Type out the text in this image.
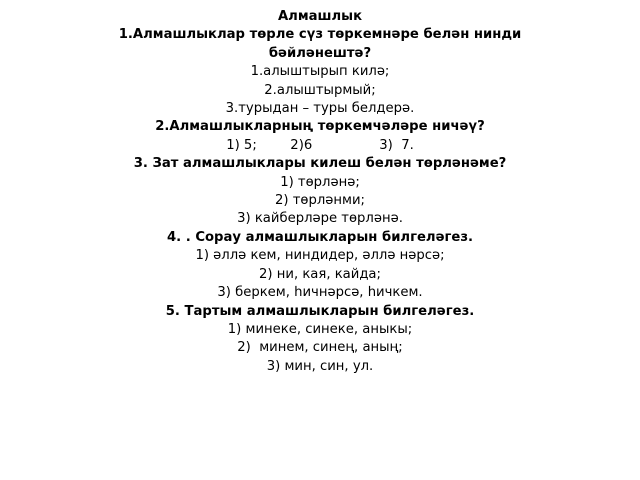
Алмашлык
1.Алмашлыклар төрле сүз төркемнәре белән нинди
бәйләнештә?
1.алыштырып килә;
2.алыштырмый;
3.турыдан – туры белдерә.
2.Алмашлыкларның төркемчәләре ничәү?
1) 5;        2)6                3)  7.
3. Зат алмашлыклары килеш белән төрләнәме?
1) төрләнә;
2) төрләнми;
3) кайберләре төрләнә.
4. . Сорау алмашлыкларын билгеләгез.
1) әллә кем, ниндидер, әллә нәрсә;
2) ни, кая, кайда;
3) беркем, һичнәрсә, һичкем.
5. Тартым алмашлыкларын билгеләгез.
1) минеке, синеке, аныкы;
2)  минем, синең, аның;
3) мин, син, ул.
